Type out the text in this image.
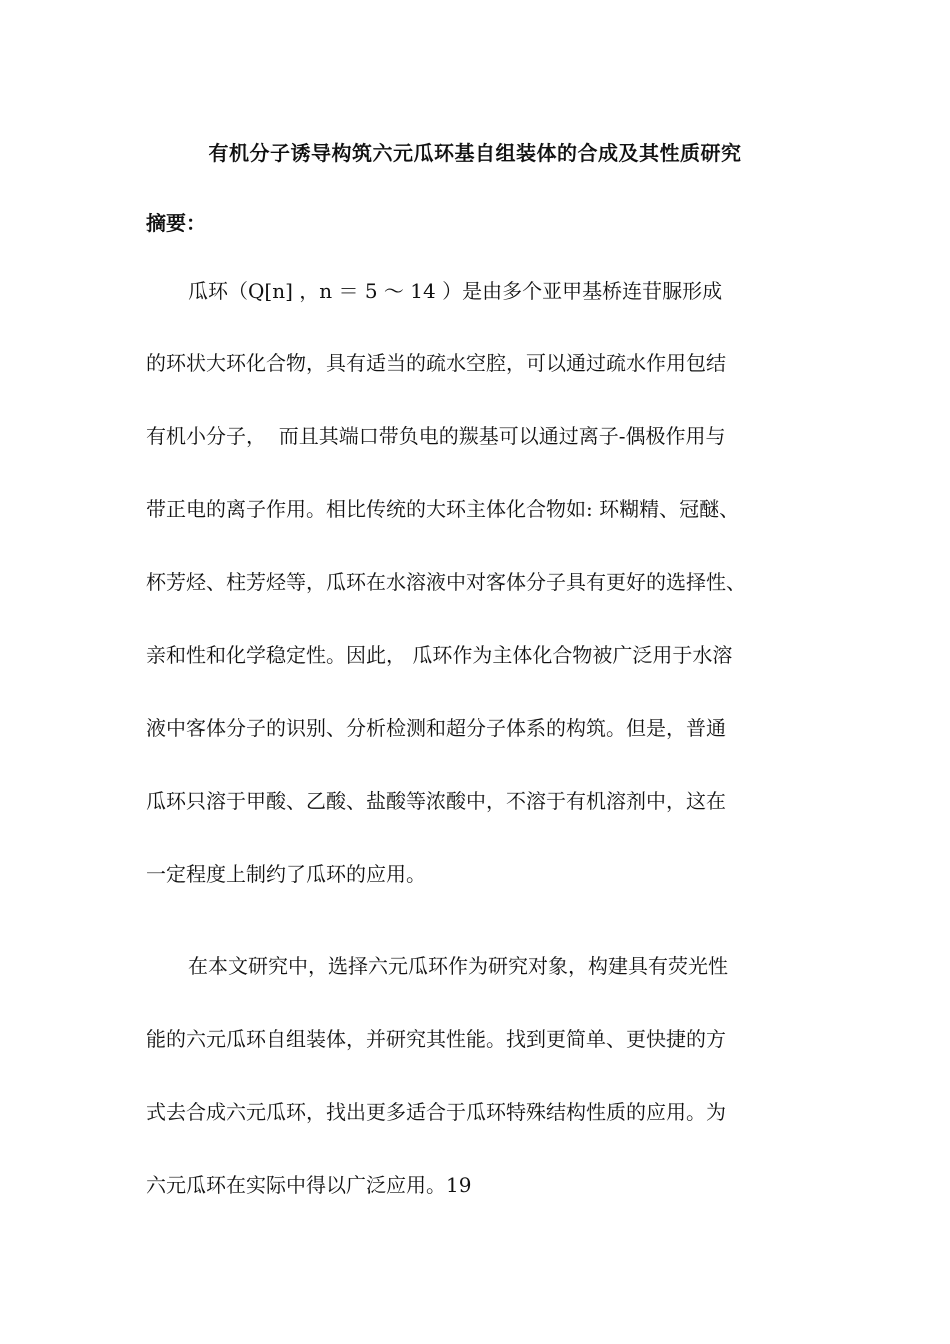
有机分子诱导构筑六元瓜环基自组装体的合成及其性质研究
摘要：
瓜环（Q[n] ，n ＝ 5 ～ 14 ）是由多个亚甲基桥连苷脲形成
的环状大环化合物，具有适当的疏水空腔，可以通过疏水作用包结
有机小分子，  而且其端口带负电的羰基可以通过离子-偶极作用与
带正电的离子作用。相比传统的大环主体化合物如: 环糊精、冠醚、
杯芳烃、柱芳烃等，瓜环在水溶液中对客体分子具有更好的选择性、
亲和性和化学稳定性。因此， 瓜环作为主体化合物被广泛用于水溶
液中客体分子的识别、分析检测和超分子体系的构筑。但是，普通
瓜环只溶于甲酸、乙酸、盐酸等浓酸中，不溶于有机溶剂中，这在
一定程度上制约了瓜环的应用。
在本文研究中，选择六元瓜环作为研究对象，构建具有荧光性
能的六元瓜环自组装体，并研究其性能。找到更简单、更快捷的方
式去合成六元瓜环，找出更多适合于瓜环特殊结构性质的应用。为
六元瓜环在实际中得以广泛应用。19
